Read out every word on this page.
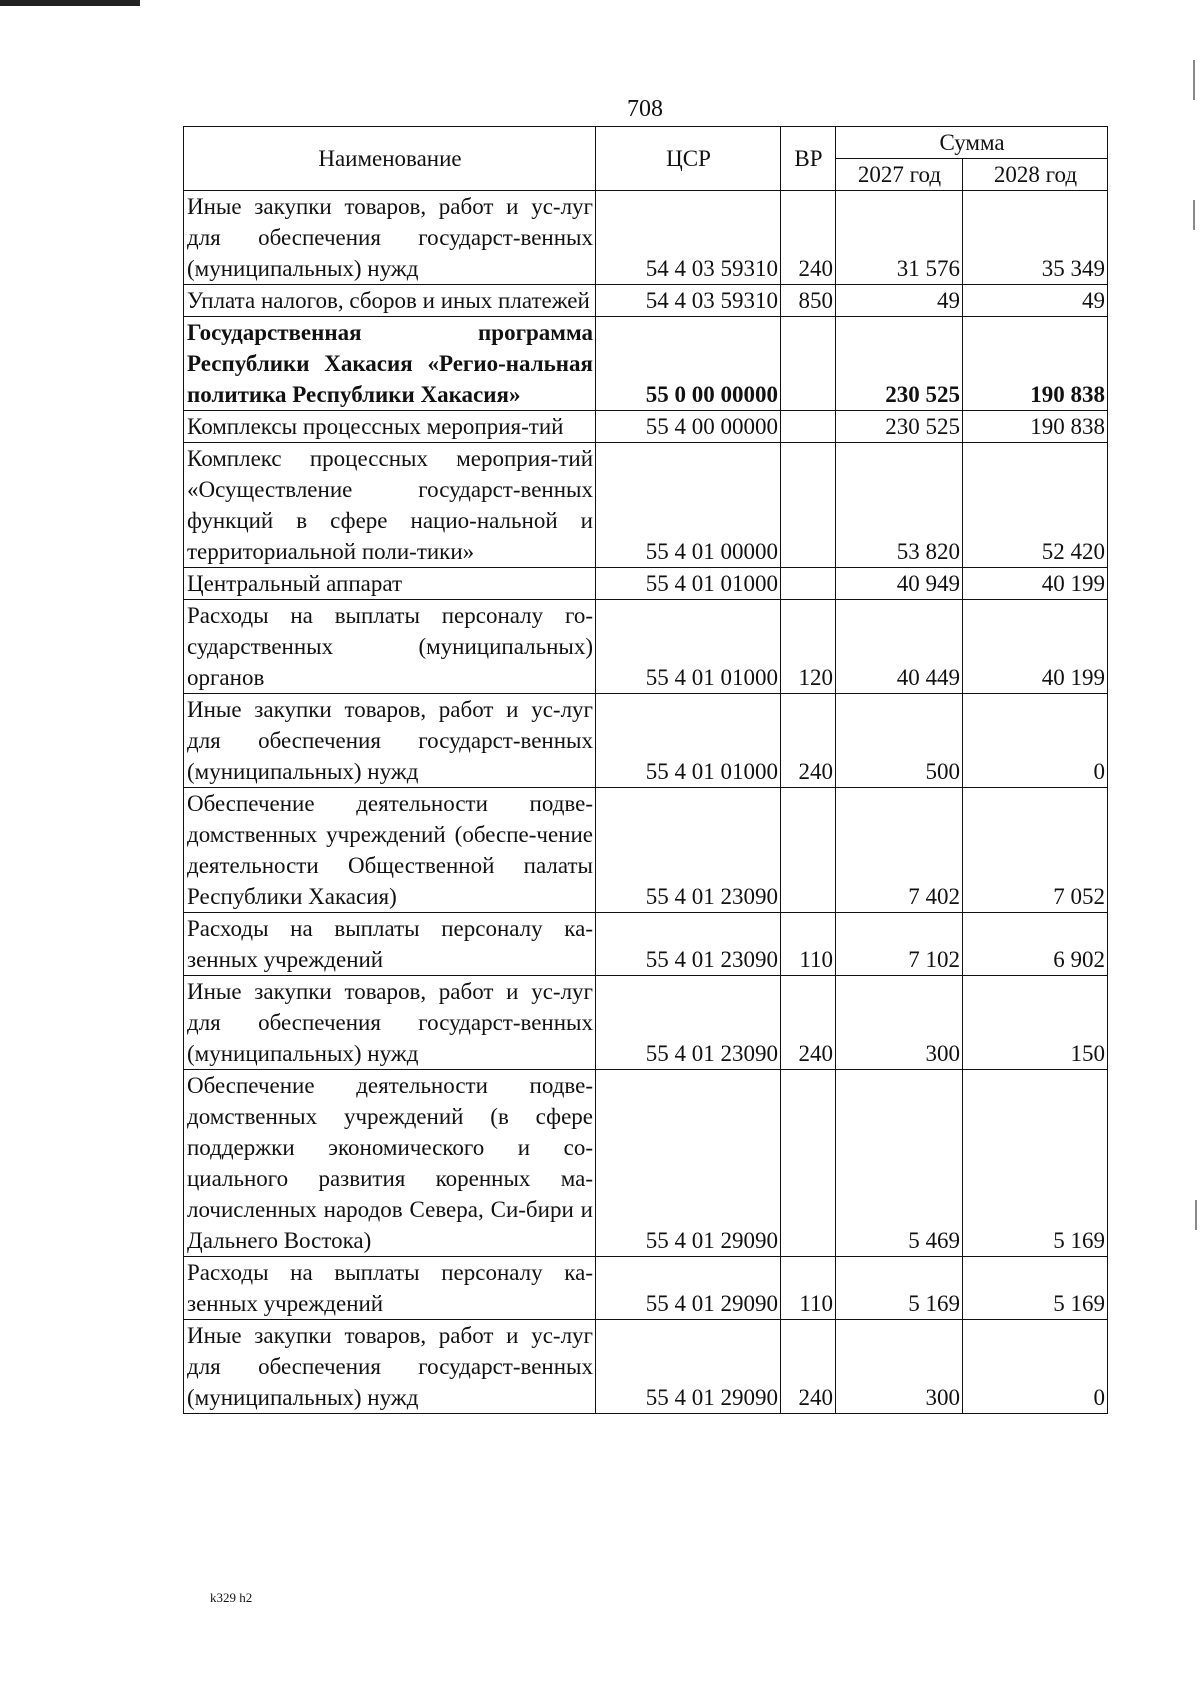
708
Наименование	ЦСР	ВР	Сумма	
			2027 год	2028 год
Иные закупки товаров, работ и ус-луг для обеспечения государст-венных (муниципальных) нужд	54 4 03 59310	240	31 576	35 349
Уплата налогов, сборов и иных платежей	54 4 03 59310	850	49	49
Государственная программа Республики Хакасия «Регио-нальная политика Республики Хакасия»	55 0 00 00000		230 525	190 838
Комплексы процессных мероприя-тий	55 4 00 00000		230 525	190 838
Комплекс процессных мероприя-тий «Осуществление государст-венных функций в сфере нацио-нальной и территориальной поли-тики»	55 4 01 00000		53 820	52 420
Центральный аппарат	55 4 01 01000		40 949	40 199
Расходы на выплаты персоналу го-сударственных (муниципальных) органов	55 4 01 01000	120	40 449	40 199
Иные закупки товаров, работ и ус-луг для обеспечения государст-венных (муниципальных) нужд	55 4 01 01000	240	500	0
Обеспечение деятельности подве-домственных учреждений (обеспе-чение деятельности Общественной палаты Республики Хакасия)	55 4 01 23090		7 402	7 052
Расходы на выплаты персоналу ка-зенных учреждений	55 4 01 23090	110	7 102	6 902
Иные закупки товаров, работ и ус-луг для обеспечения государст-венных (муниципальных) нужд	55 4 01 23090	240	300	150
Обеспечение деятельности подве-домственных учреждений (в сфере поддержки экономического и со-циального развития коренных ма-лочисленных народов Севера, Си-бири и Дальнего Востока)	55 4 01 29090		5 469	5 169
Расходы на выплаты персоналу ка-зенных учреждений	55 4 01 29090	110	5 169	5 169
Иные закупки товаров, работ и ус-луг для обеспечения государст-венных (муниципальных) нужд	55 4 01 29090	240	300	0
k329 h2
